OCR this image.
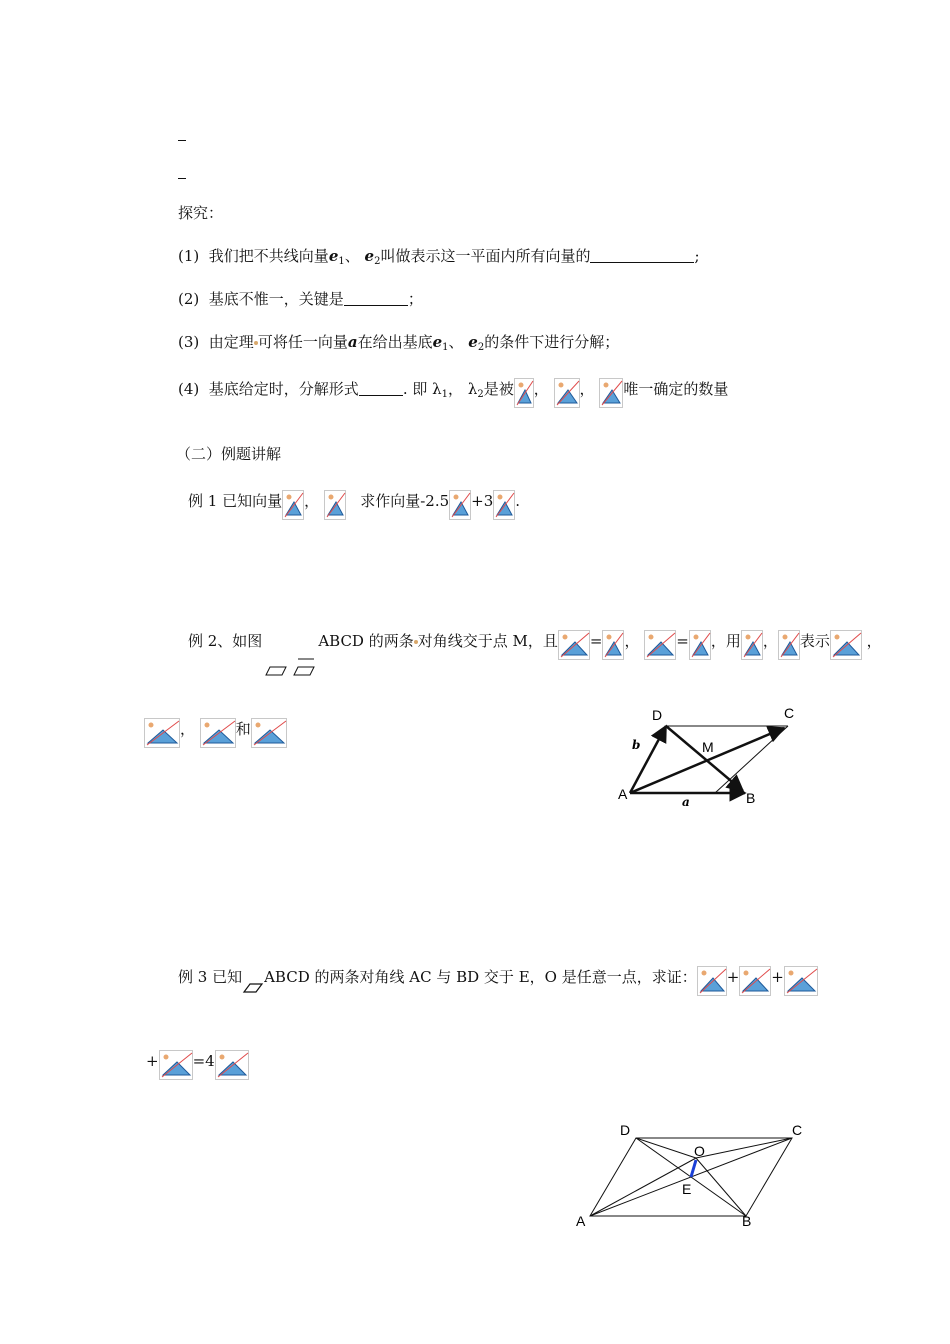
探究：
(1) 我们把不共线向量$e_1$、 $e_2$叫做表示这一平面内所有向量的	;
(2) 基底不惟一，关键是	；
(3) 由定理 可将任一向量a在给出基底$e_1$、 $e_2$的条件下进行分解；
(4) 基底给定时，分解形式	. 即 $\lambda_1$， $\lambda_2$是被 ， ， 唯一确定的数量
（二）例题讲解
例 1 已知向量 ，	求作向量-2.5 +3 .
例 2、如图	ABCD 的两条 对角线交于点 M，且 = ， = ，用 ， 表示 ，
，	和
D	C
A	B
M
a
b
例 3 已知 ABCD 的两条对角线 AC 与 BD 交于 E，O 是任意一点，求证： + +
+ =4
D	C
A	B
O
E
